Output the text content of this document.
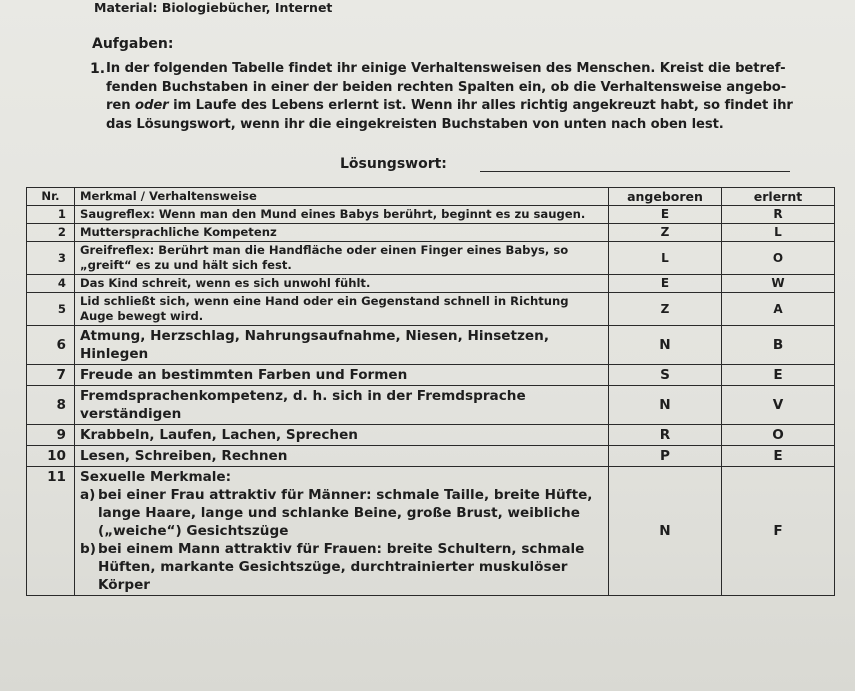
Material: Biologiebücher, Internet
Aufgaben:
1. In der folgenden Tabelle findet ihr einige Verhaltensweisen des Menschen. Kreist die betref-fenden Buchstaben in einer der beiden rechten Spalten ein, ob die Verhaltensweise angebo-ren oder im Laufe des Lebens erlernt ist. Wenn ihr alles richtig angekreuzt habt, so findet ihr das Lösungswort, wenn ihr die eingekreisten Buchstaben von unten nach oben lest.
Lösungswort:
Nr.	Merkmal / Verhaltensweise	angeboren	erlernt
1	Saugreflex: Wenn man den Mund eines Babys berührt, beginnt es zu saugen.	E	R
2	Muttersprachliche Kompetenz	Z	L
3	Greifreflex: Berührt man die Handfläche oder einen Finger eines Babys, so „greift“ es zu und hält sich fest.	L	O
4	Das Kind schreit, wenn es sich unwohl fühlt.	E	W
5	Lid schließt sich, wenn eine Hand oder ein Gegenstand schnell in Richtung Auge bewegt wird.	Z	A
6	Atmung, Herzschlag, Nahrungsaufnahme, Niesen, Hinsetzen, Hinlegen	N	B
7	Freude an bestimmten Farben und Formen	S	E
8	Fremdsprachenkompetenz, d. h. sich in der Fremdsprache verständigen	N	V
9	Krabbeln, Laufen, Lachen, Sprechen	R	O
10	Lesen, Schreiben, Rechnen	P	E
11	Sexuelle Merkmale:
a) bei einer Frau attraktiv für Männer: schmale Taille, breite Hüfte, lange Haare, lange und schlanke Beine, große Brust, weibliche („weiche“) Gesichtszüge
b) bei einem Mann attraktiv für Frauen: breite Schultern, schmale Hüften, markante Gesichtszüge, durchtrainierter muskulöser Körper	N	F
